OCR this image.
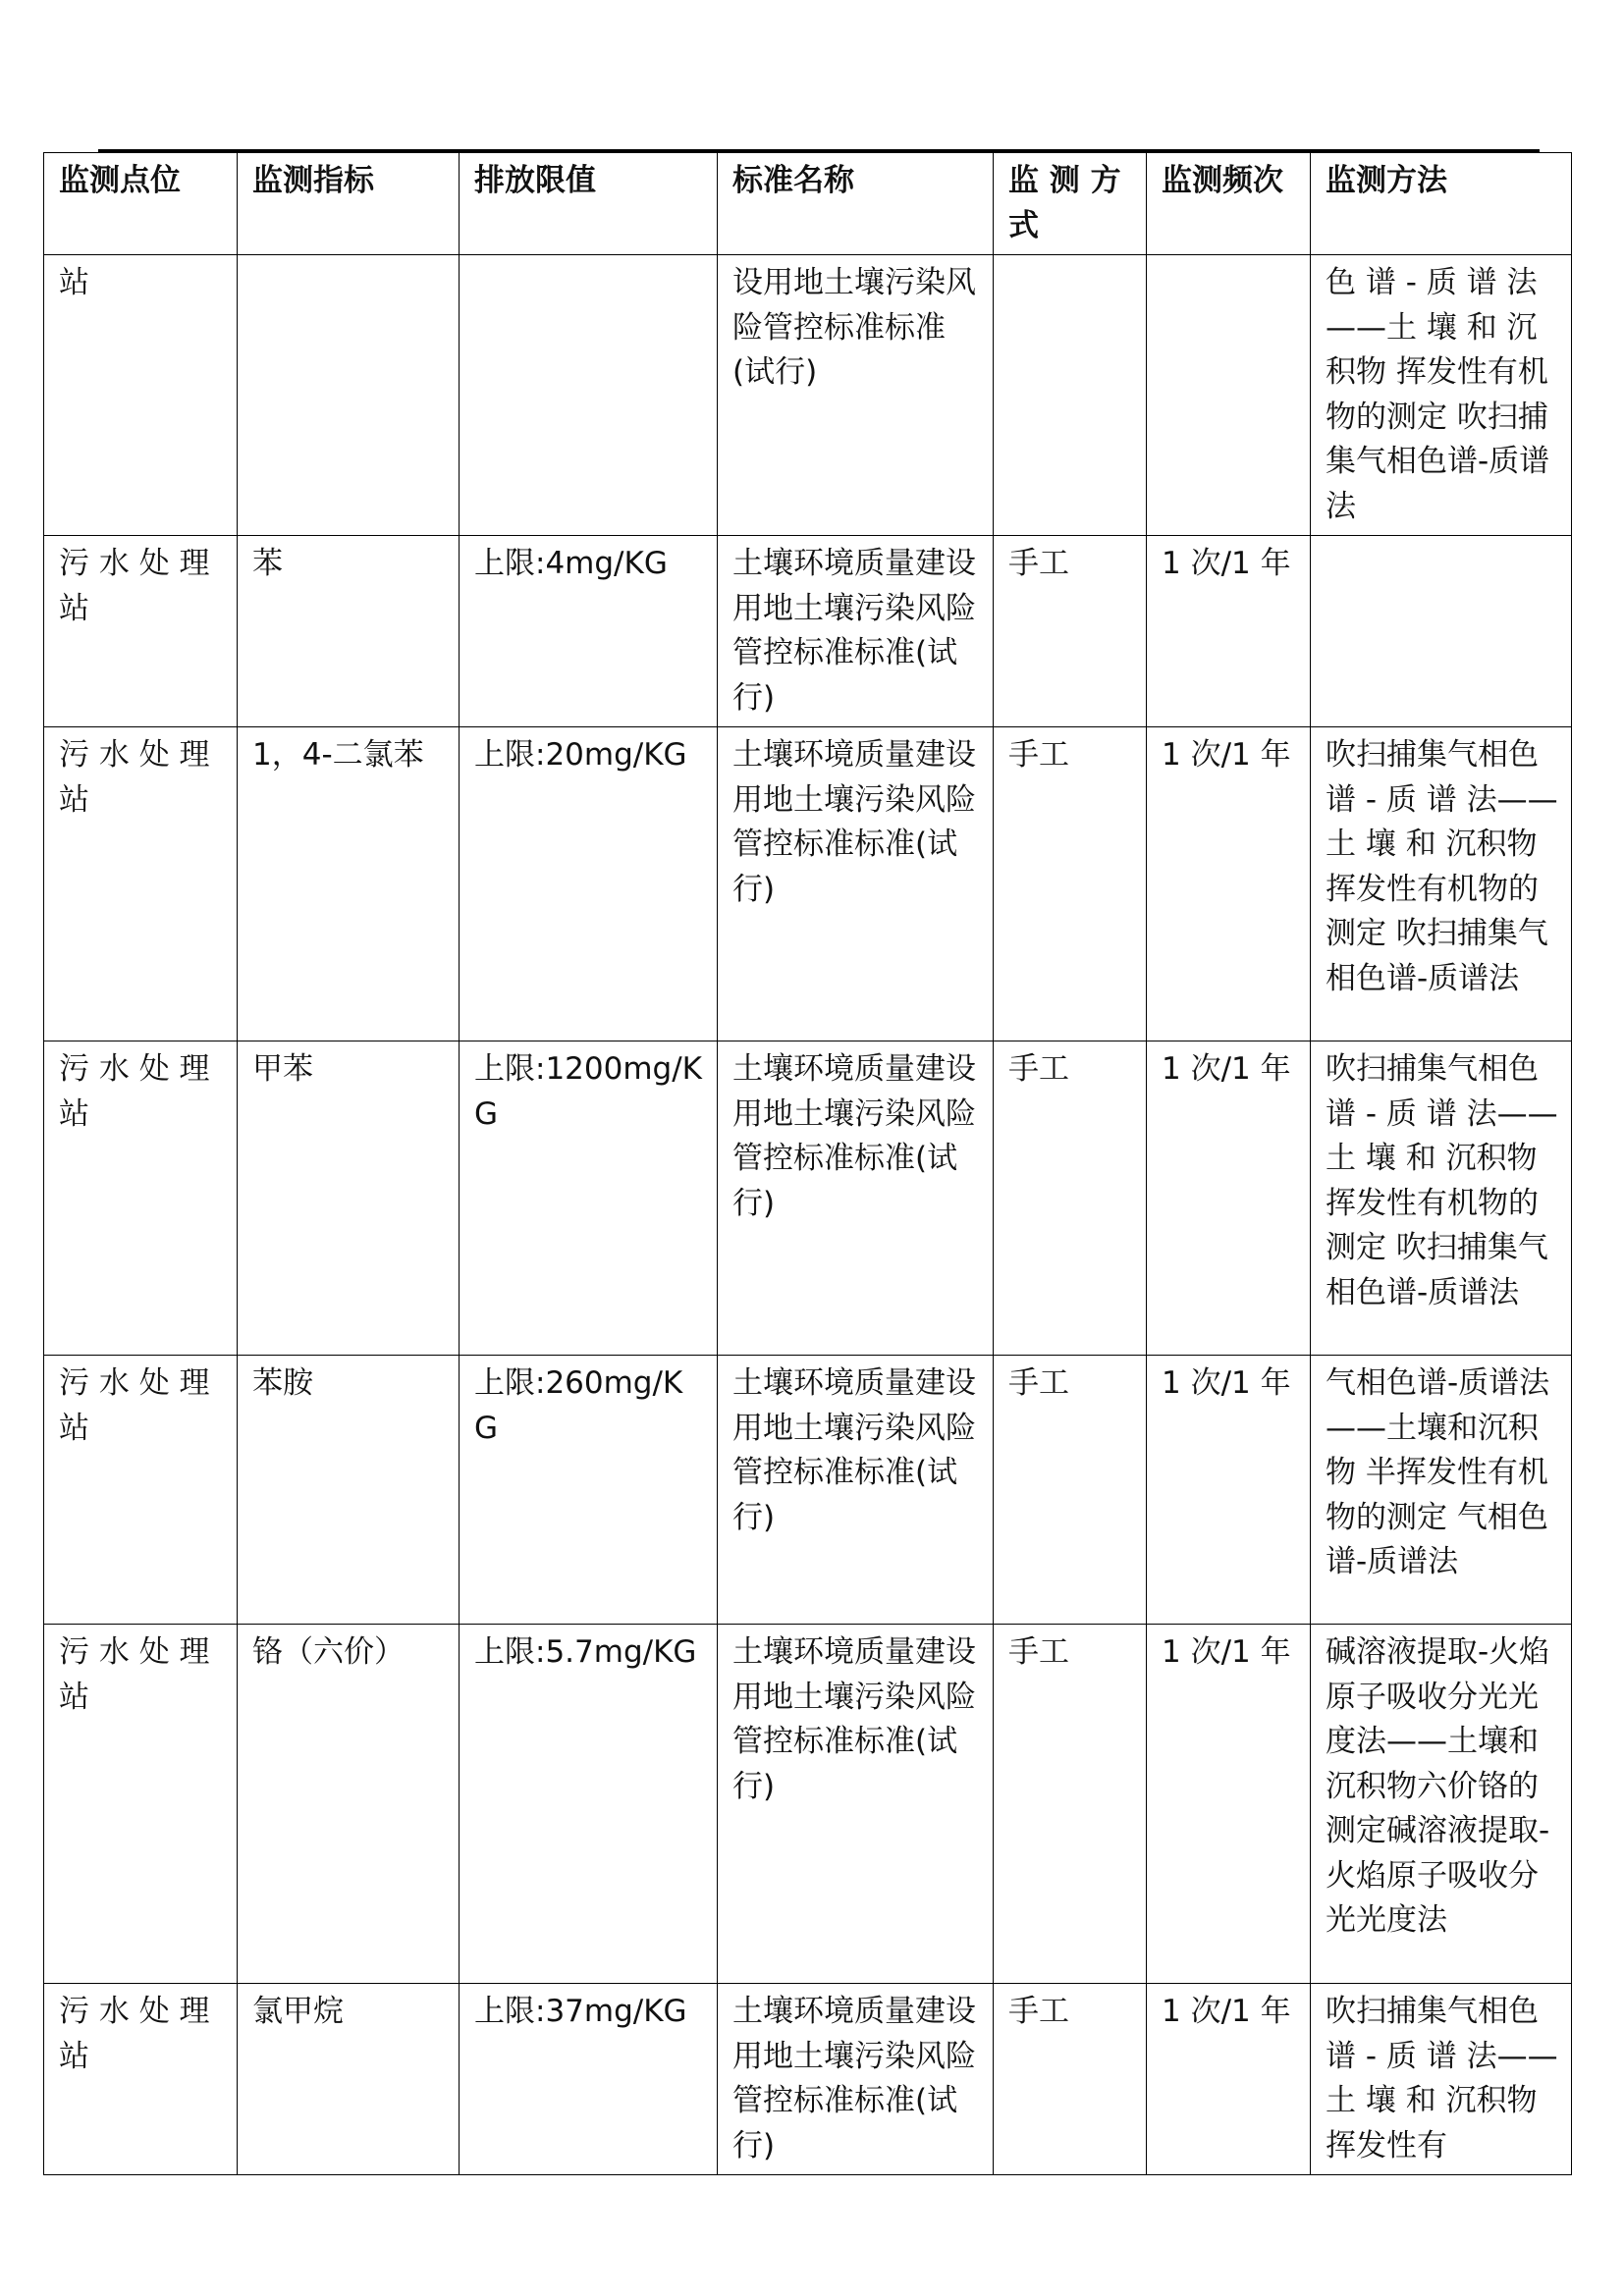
监测点位	监测指标	排放限值	标准名称	监 测 方 式	监测频次	监测方法
站			设用地土壤污染风险管控标准标准(试行)			色 谱 - 质 谱 法——土 壤 和 沉积物 挥发性有机物的测定 吹扫捕集气相色谱-质谱法
污 水 处 理站	苯	上限:4mg/KG	土壤环境质量建设用地土壤污染风险管控标准标准(试行)	手工	1 次/1 年	
污 水 处 理站	1，4-二氯苯	上限:20mg/KG	土壤环境质量建设用地土壤污染风险管控标准标准(试行)	手工	1 次/1 年	吹扫捕集气相色 谱 - 质 谱 法——土 壤 和 沉积物 挥发性有机物的测定 吹扫捕集气相色谱-质谱法
污 水 处 理站	甲苯	上限:1200mg/KG	土壤环境质量建设用地土壤污染风险管控标准标准(试行)	手工	1 次/1 年	吹扫捕集气相色 谱 - 质 谱 法——土 壤 和 沉积物 挥发性有机物的测定 吹扫捕集气相色谱-质谱法
污 水 处 理站	苯胺	上限:260mg/KG	土壤环境质量建设用地土壤污染风险管控标准标准(试行)	手工	1 次/1 年	气相色谱-质谱法——土壤和沉积物 半挥发性有机物的测定 气相色谱-质谱法
污 水 处 理站	铬（六价）	上限:5.7mg/KG	土壤环境质量建设用地土壤污染风险管控标准标准(试行)	手工	1 次/1 年	碱溶液提取-火焰原子吸收分光光度法——土壤和沉积物六价铬的测定碱溶液提取-火焰原子吸收分光光度法
污 水 处 理站	氯甲烷	上限:37mg/KG	土壤环境质量建设用地土壤污染风险管控标准标准(试行)	手工	1 次/1 年	吹扫捕集气相色 谱 - 质 谱 法——土 壤 和 沉积物 挥发性有
